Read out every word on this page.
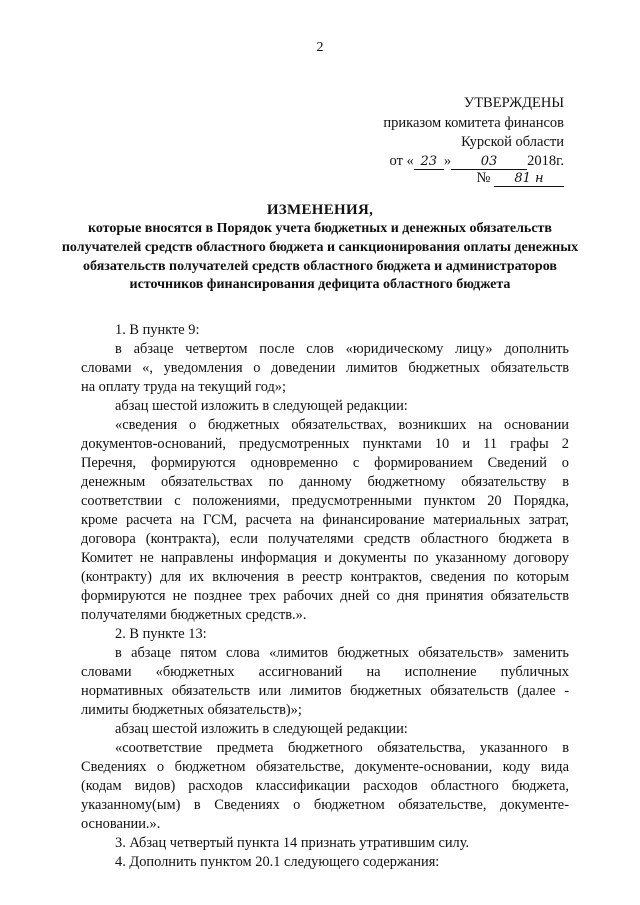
2
УТВЕРЖДЕНЫ
приказом комитета финансов
Курской области
от « 23 » 03 2018г.
№ 81 н
ИЗМЕНЕНИЯ,
которые вносятся в Порядок учета бюджетных и денежных обязательств получателей средств областного бюджета и санкционирования оплаты денежных обязательств получателей средств областного бюджета и администраторов источников финансирования дефицита областного бюджета
1. В пункте 9:
в абзаце четвертом после слов «юридическому лицу» дополнить
словами «, уведомления о доведении лимитов бюджетных обязательств
на оплату труда на текущий год»;
абзац шестой изложить в следующей редакции:
«сведения о бюджетных обязательствах, возникших на основании
документов-оснований, предусмотренных пунктами 10 и 11 графы 2
Перечня, формируются одновременно с формированием Сведений о
денежным обязательствах по данному бюджетному обязательству в
соответствии с положениями, предусмотренными пунктом 20 Порядка,
кроме расчета на ГСМ, расчета на финансирование материальных затрат,
договора (контракта), если получателями средств областного бюджета в
Комитет не направлены информация и документы по указанному договору
(контракту) для их включения в реестр контрактов, сведения по которым
формируются не позднее трех рабочих дней со дня принятия обязательств
получателями бюджетных средств.».
2. В пункте 13:
в абзаце пятом слова «лимитов бюджетных обязательств» заменить
словами «бюджетных ассигнований на исполнение публичных
нормативных обязательств или лимитов бюджетных обязательств (далее -
лимиты бюджетных обязательств)»;
абзац шестой изложить в следующей редакции:
«соответствие предмета бюджетного обязательства, указанного в
Сведениях о бюджетном обязательстве, документе-основании, коду вида
(кодам видов) расходов классификации расходов областного бюджета,
указанному(ым) в Сведениях о бюджетном обязательстве, документе-
основании.».
3. Абзац четвертый пункта 14 признать утратившим силу.
4. Дополнить пунктом 20.1 следующего содержания:
